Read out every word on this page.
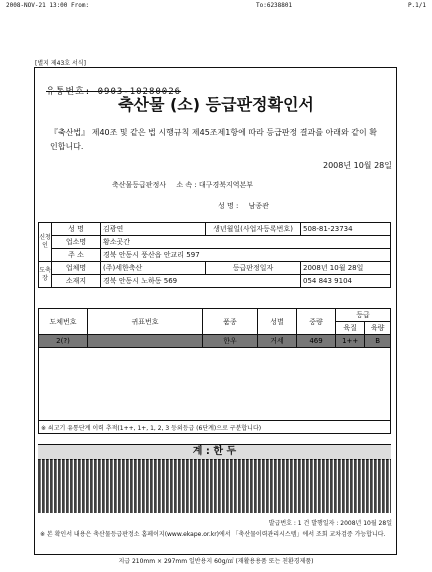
2008-NOV-21 13:00 From:	To:6238801	P.1/1
[별지 제43호 서식]
유통번호: 0903-10280026
축산물 (소) 등급판정확인서
『축산법』 제40조 및 같은 법 시행규칙 제45조제1항에 따라 등급판정 결과를 아래와 같이 확인합니다.
2008년 10월 28일
축산물등급판정사 소 속 : 대구경북지역본부
성 명 : 남종관
신청인	성 명	김광연	생년월일(사업자등록번호)	508-81-23734
	업소명	황소곳간		
	주 소	경북 안동시 풍산읍 안교리 597		
도축장	업체명	(주)세한축산	등급판정일자	2008년 10월 28일
	소재지	경북 안동시 노하동 569		054 843 9104
도체번호	귀표번호	품종	성별	중량	등급	
					육질	육량
2(?)		한우	거세	469	1++	B

※ 쇠고기 유통단계 이력 추적(1++, 1+, 1, 2, 3 등외등급 (6단계)으로 구분합니다)						
계 : 한 두
발급번호 : 1 건 발행일자 : 2008년 10월 28일
※ 본 확인서 내용은 축산물등급판정소 홈페이지(www.ekape.or.kr)에서 「축산물이력관리시스템」에서 조회 교차검증 가능합니다.
지급 210mm × 297mm 일반용지 60g/㎡ (재활용용품 또는 친환경제품)
